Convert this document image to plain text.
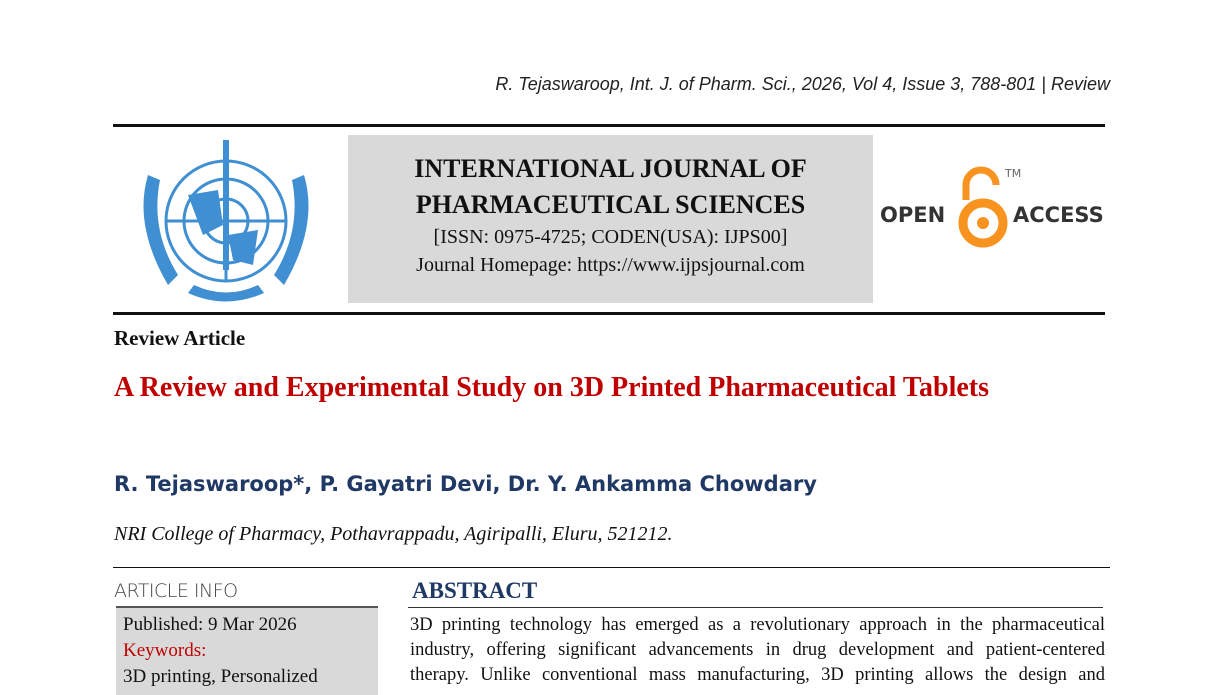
R. Tejaswaroop, Int. J. of Pharm. Sci., 2026, Vol 4, Issue 3, 788-801 | Review
INTERNATIONAL JOURNAL OF
PHARMACEUTICAL SCIENCES
[ISSN: 0975-4725; CODEN(USA): IJPS00]
Journal Homepage: https://www.ijpsjournal.com
OPEN
TM
ACCESS
Review Article
A Review and Experimental Study on 3D Printed Pharmaceutical Tablets
R. Tejaswaroop*, P. Gayatri Devi, Dr. Y. Ankamma Chowdary
NRI College of Pharmacy, Pothavrappadu, Agiripalli, Eluru, 521212.
ARTICLE INFO
Published: 9 Mar 2026
Keywords:
3D printing, Personalized
ABSTRACT
3D printing technology has emerged as a revolutionary approach in the pharmaceutical
industry, offering significant advancements in drug development and patient-centered
therapy. Unlike conventional mass manufacturing, 3D printing allows the design and
